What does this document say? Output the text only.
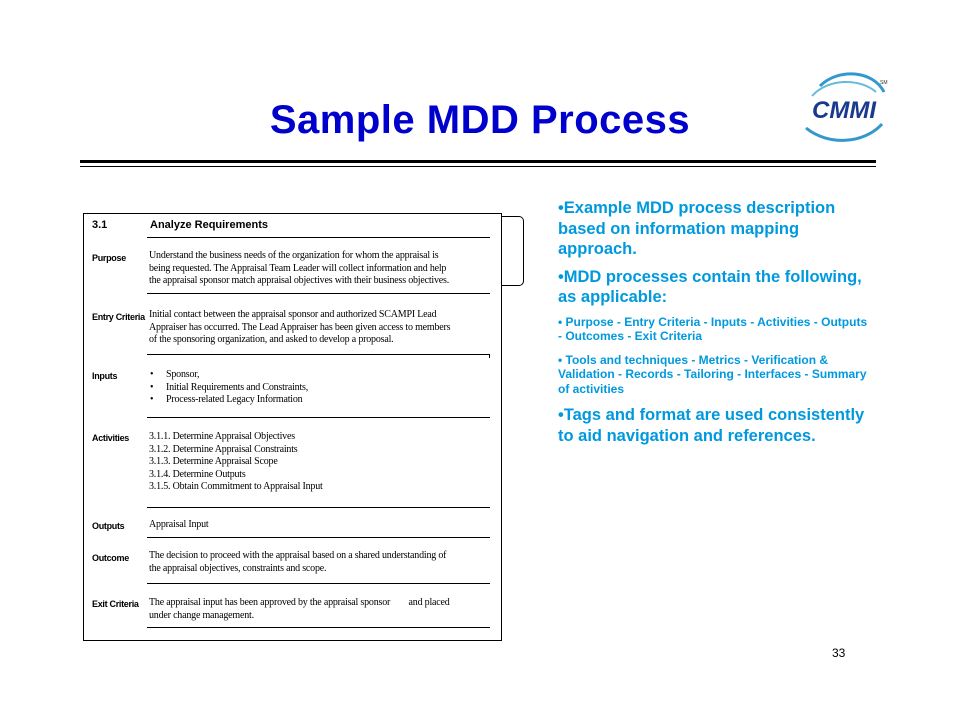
Sample MDD Process	CMMI
SM
3.1	Analyze Requirements
Purpose Understand the business needs of the organization for whom the appraisal is
being requested. The Appraisal Team Leader will collect information and help
the appraisal sponsor match appraisal objectives with their business objectives.
Entry Criteria Initial contact between the appraisal sponsor and authorized SCAMPI Lead
Appraiser has occurred. The Lead Appraiser has been given access to members
of the sponsoring organization, and asked to develop a proposal.
Inputs	• Sponsor,
• Initial Requirements and Constraints,
• Process-related Legacy Information
Activities 3.1.1. Determine Appraisal Objectives
3.1.2. Determine Appraisal Constraints
3.1.3. Determine Appraisal Scope
3.1.4. Determine Outputs
3.1.5. Obtain Commitment to Appraisal Input
Outputs Appraisal Input
Outcome The decision to proceed with the appraisal based on a shared understanding of
the appraisal objectives, constraints and scope.
Exit Criteria The appraisal input has been approved by the appraisal sponsor        and placed
under change management.
•Example MDD process description based on information mapping approach.
•MDD processes contain the following, as applicable:
• Purpose - Entry Criteria - Inputs - Activities - Outputs - Outcomes - Exit Criteria
• Tools and techniques - Metrics - Verification & Validation - Records - Tailoring - Interfaces - Summary of activities
•Tags and format are used consistently to aid navigation and references.
33
